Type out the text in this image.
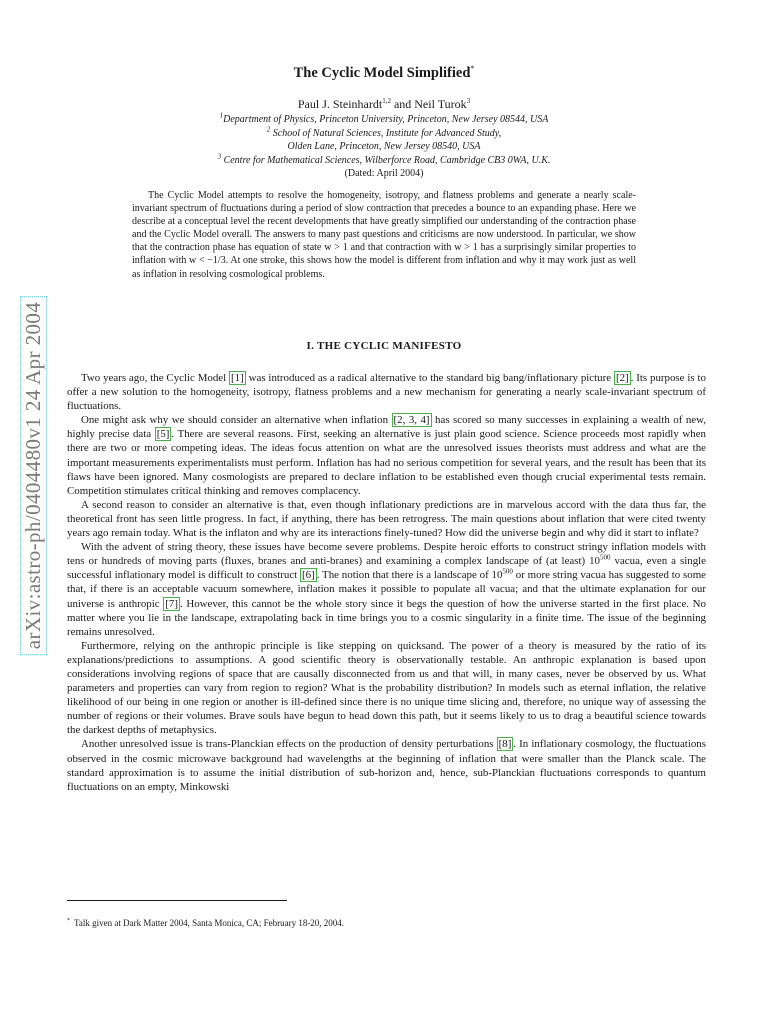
arXiv:astro-ph/0404480v1 24 Apr 2004
The Cyclic Model Simplified*
Paul J. Steinhardt$^{1,2}$ and Neil Turok$^3$
$^1$Department of Physics, Princeton University, Princeton, New Jersey 08544, USA
$^2$ School of Natural Sciences, Institute for Advanced Study,
Olden Lane, Princeton, New Jersey 08540, USA
$^3$ Centre for Mathematical Sciences, Wilberforce Road, Cambridge CB3 0WA, U.K.
(Dated: April 2004)
The Cyclic Model attempts to resolve the homogeneity, isotropy, and flatness problems and generate a nearly scale-invariant spectrum of fluctuations during a period of slow contraction that precedes a bounce to an expanding phase. Here we describe at a conceptual level the recent developments that have greatly simplified our understanding of the contraction phase and the Cyclic Model overall. The answers to many past questions and criticisms are now understood. In particular, we show that the contraction phase has equation of state w > 1 and that contraction with w > 1 has a surprisingly similar properties to inflation with w < −1/3. At one stroke, this shows how the model is different from inflation and why it may work just as well as inflation in resolving cosmological problems.
I. THE CYCLIC MANIFESTO

Two years ago, the Cyclic Model [1] was introduced as a radical alternative to the standard big bang/inflationary picture [2] . Its purpose is to offer a new solution to the homogeneity, isotropy, flatness problems and a new mechanism for generating a nearly scale-invariant spectrum of fluctuations.

One might ask why we should consider an alternative when inflation [2, 3, 4] has scored so many successes in explaining a wealth of new, highly precise data [5] . There are several reasons. First, seeking an alternative is just plain good science. Science proceeds most rapidly when there are two or more competing ideas. The ideas focus attention on what are the unresolved issues theorists must address and what are the important measurements experimentalists must perform. Inflation has had no serious competition for several years, and the result has been that its flaws have been ignored. Many cosmologists are prepared to declare inflation to be established even though crucial experimental tests remain. Competition stimulates critical thinking and removes complacency.

A second reason to consider an alternative is that, even though inflationary predictions are in marvelous accord with the data thus far, the theoretical front has seen little progress. In fact, if anything, there has been retrogress. The main questions about inflation that were cited twenty years ago remain today. What is the inflaton and why are its interactions finely-tuned? How did the universe begin and why did it start to inflate?

With the advent of string theory, these issues have become severe problems. Despite heroic efforts to construct stringy inflation models with tens or hundreds of moving parts (fluxes, branes and anti-branes) and examining a complex landscape of (at least) $10^{500}$ vacua, even a single successful inflationary model is difficult to construct [6] . The notion that there is a landscape of $10^{500}$ or more string vacua has suggested to some that, if there is an acceptable vacuum somewhere, inflation makes it possible to populate all vacua; and that the ultimate explanation for our universe is anthropic [7] . However, this cannot be the whole story since it begs the question of how the universe started in the first place. No matter where you lie in the landscape, extrapolating back in time brings you to a cosmic singularity in a finite time. The issue of the beginning remains unresolved.

Furthermore, relying on the anthropic principle is like stepping on quicksand. The power of a theory is measured by the ratio of its explanations/predictions to assumptions. A good scientific theory is observationally testable. An anthropic explanation is based upon considerations involving regions of space that are causally disconnected from us and that will, in many cases, never be observed by us. What parameters and properties can vary from region to region? What is the probability distribution? In models such as eternal inflation, the relative likelihood of our being in one region or another is ill-defined since there is no unique time slicing and, therefore, no unique way of assessing the number of regions or their volumes. Brave souls have begun to head down this path, but it seems likely to us to drag a beautiful science towards the darkest depths of metaphysics.

Another unresolved issue is trans-Planckian effects on the production of density perturbations [8] . In inflationary cosmology, the fluctuations observed in the cosmic microwave background had wavelengths at the beginning of inflation that were smaller than the Planck scale. The standard approximation is to assume the initial distribution of sub-horizon and, hence, sub-Planckian fluctuations corresponds to quantum fluctuations on an empty, Minkowski

* Talk given at Dark Matter 2004, Santa Monica, CA; February 18-20, 2004.
